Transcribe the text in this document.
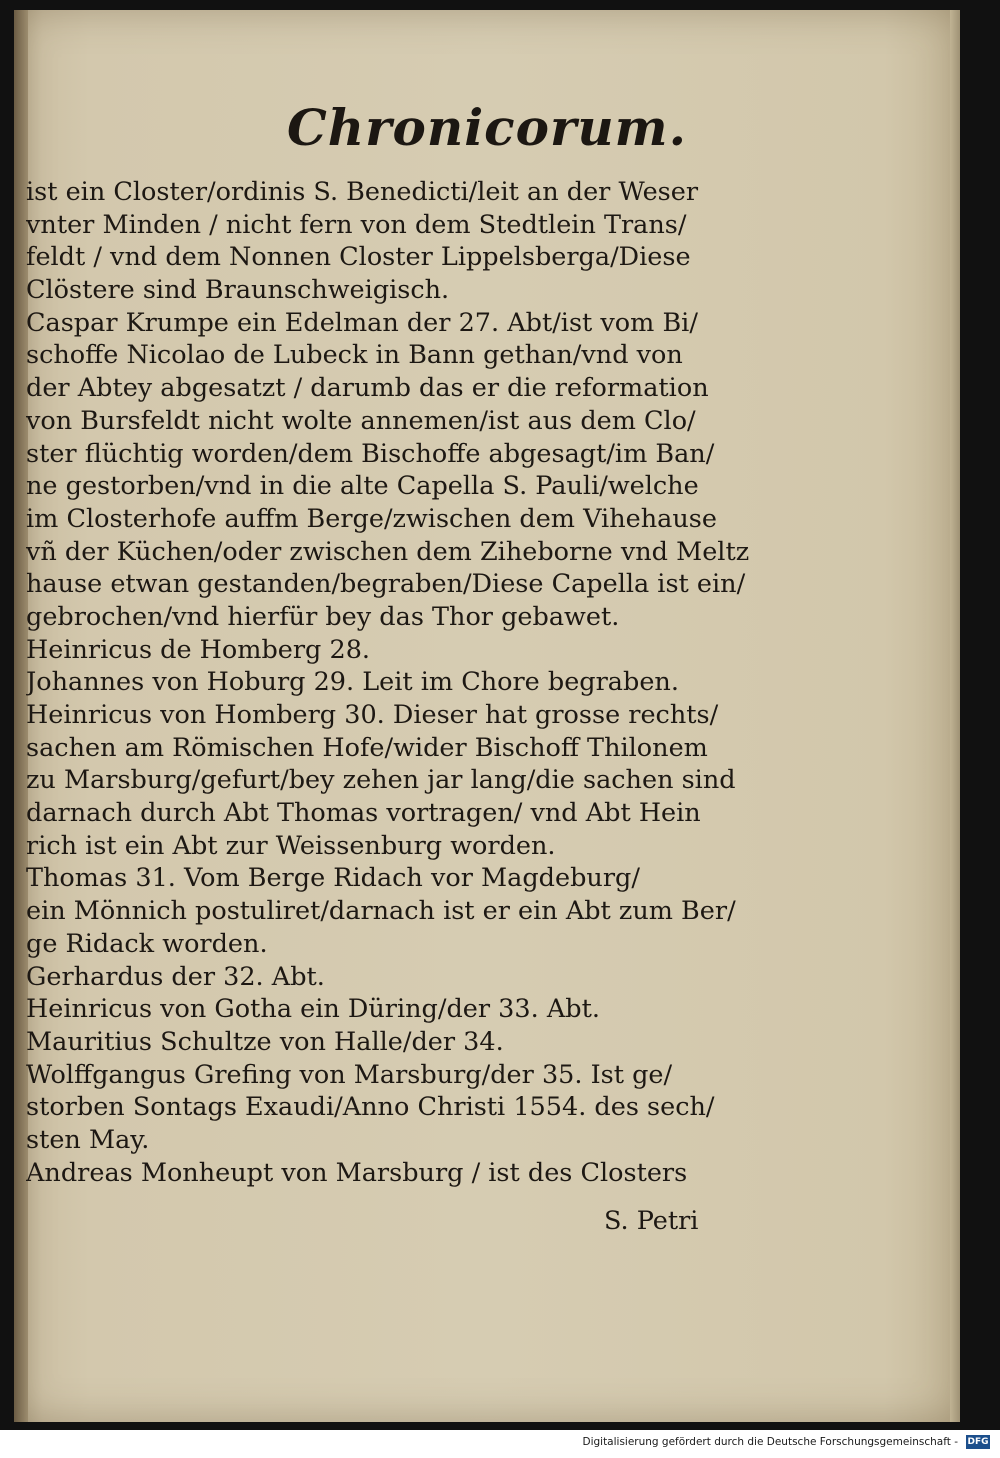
Chronicorum.
ist ein Closter/ordinis S. Benedicti/leit an der Weser
vnter Minden / nicht fern von dem Stedtlein Trans/
feldt / vnd dem Nonnen Closter Lippelsberga/Diese
Clöstere sind Braunschweigisch.
Caspar Krumpe ein Edelman der 27. Abt/ist vom Bi/
schoffe Nicolao de Lubeck in Bann gethan/vnd von
der Abtey abgesatzt / darumb das er die reformation
von Bursfeldt nicht wolte annemen/ist aus dem Clo/
ster flüchtig worden/dem Bischoffe abgesagt/im Ban/
ne gestorben/vnd in die alte Capella S. Pauli/welche
im Closterhofe auffm Berge/zwischen dem Vihehause
vñ der Küchen/oder zwischen dem Ziheborne vnd Meltz
hause etwan gestanden/begraben/Diese Capella ist ein/
gebrochen/vnd hierfür bey das Thor gebawet.
Heinricus de Homberg 28.
Johannes von Hoburg 29. Leit im Chore begraben.
Heinricus von Homberg 30. Dieser hat grosse rechts/
sachen am Römischen Hofe/wider Bischoff Thilonem
zu Marsburg/gefurt/bey zehen jar lang/die sachen sind
darnach durch Abt Thomas vortragen/ vnd Abt Hein
rich ist ein Abt zur Weissenburg worden.
Thomas 31. Vom Berge Ridach vor Magdeburg/
ein Mönnich postuliret/darnach ist er ein Abt zum Ber/
ge Ridack worden.
Gerhardus der 32. Abt.
Heinricus von Gotha ein Düring/der 33. Abt.
Mauritius Schultze von Halle/der 34.
Wolffgangus Grefing von Marsburg/der 35. Ist ge/
storben Sontags Exaudi/Anno Christi 1554. des sech/
sten May.
Andreas Monheupt von Marsburg / ist des Closters
S. Petri
Digitalisierung gefördert durch die Deutsche Forschungsgemeinschaft - DFG
